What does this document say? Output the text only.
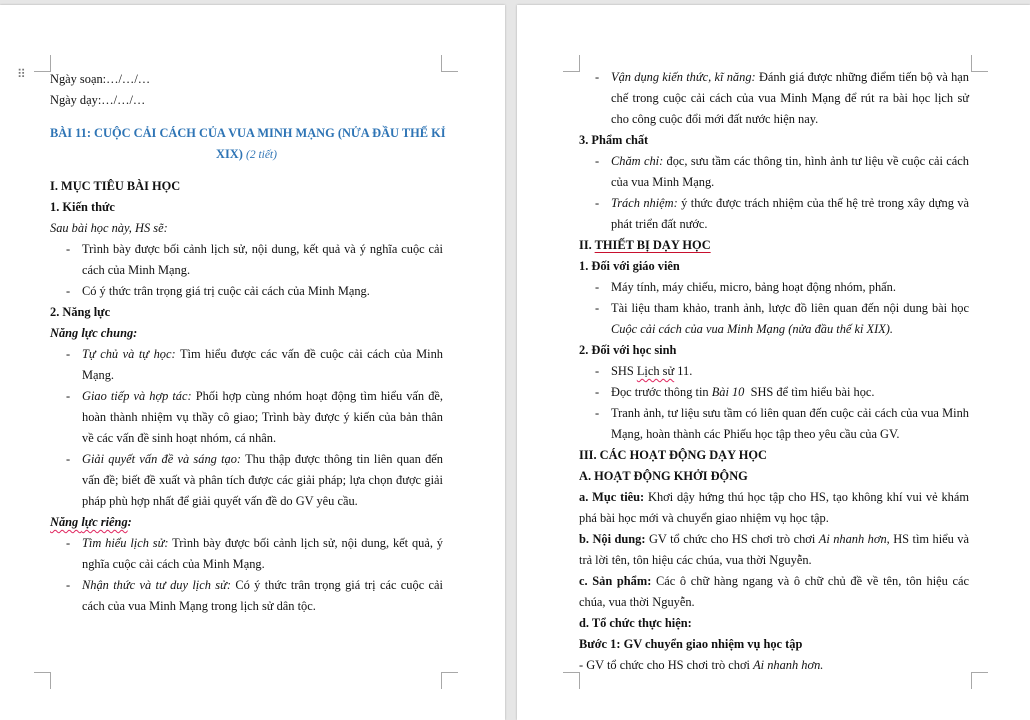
⠿ Ngày soạn:…/…/…

Ngày dạy:…/…/…

BÀI 11: CUỘC CẢI CÁCH CỦA VUA MINH MẠNG (NỬA ĐẦU THẾ KỈ

XIX) (2 tiết)

I. MỤC TIÊU BÀI HỌC

1. Kiến thức

Sau bài học này, HS sẽ:

- Trình bày được bối cảnh lịch sử, nội dung, kết quả và ý nghĩa cuộc cải cách của Minh Mạng.

- Có ý thức trân trọng giá trị cuộc cải cách của Minh Mạng.

2. Năng lực

Năng lực chung:

- Tự chủ và tự học: Tìm hiểu được các vấn đề cuộc cải cách của Minh Mạng.

- Giao tiếp và hợp tác: Phối hợp cùng nhóm hoạt động tìm hiểu vấn đề, hoàn thành nhiệm vụ thầy cô giao; Trình bày được ý kiến của bản thân về các vấn đề sinh hoạt nhóm, cá nhân.

- Giải quyết vấn đề và sáng tạo: Thu thập được thông tin liên quan đến vấn đề; biết đề xuất và phân tích được các giải pháp; lựa chọn được giải pháp phù hợp nhất để giải quyết vấn đề do GV yêu cầu.

Năng lực riêng:

- Tìm hiểu lịch sử: Trình bày được bối cảnh lịch sử, nội dung, kết quả, ý nghĩa cuộc cải cách của Minh Mạng.

- Nhận thức và tư duy lịch sử: Có ý thức trân trọng giá trị các cuộc cải cách của vua Minh Mạng trong lịch sử dân tộc.

- Vận dụng kiến thức, kĩ năng: Đánh giá được những điểm tiến bộ và hạn chế trong cuộc cải cách của vua Minh Mạng để rút ra bài học lịch sử cho công cuộc đổi mới đất nước hiện nay.

3. Phẩm chất

- Chăm chỉ: đọc, sưu tầm các thông tin, hình ảnh tư liệu về cuộc cải cách của vua Minh Mạng.

- Trách nhiệm: ý thức được trách nhiệm của thế hệ trẻ trong xây dựng và phát triển đất nước.

II. THIẾT BỊ DẠY HỌC

1. Đối với giáo viên

- Máy tính, máy chiếu, micro, bảng hoạt động nhóm, phấn.

- Tài liệu tham khảo, tranh ảnh, lược đồ liên quan đến nội dung bài học Cuộc cải cách của vua Minh Mạng (nửa đầu thế kỉ XIX).

2. Đối với học sinh

- SHS Lịch sử 11.

- Đọc trước thông tin Bài 10  SHS để tìm hiểu bài học.

- Tranh ảnh, tư liệu sưu tầm có liên quan đến cuộc cải cách của vua Minh Mạng, hoàn thành các Phiếu học tập theo yêu cầu của GV.

III. CÁC HOẠT ĐỘNG DẠY HỌC

A. HOẠT ĐỘNG KHỞI ĐỘNG

a. Mục tiêu: Khơi dậy hứng thú học tập cho HS, tạo không khí vui vẻ khám phá bài học mới và chuyển giao nhiệm vụ học tập.

b. Nội dung: GV tổ chức cho HS chơi trò chơi Ai nhanh hơn, HS tìm hiểu và trả lời tên, tôn hiệu các chúa, vua thời Nguyễn.

c. Sản phẩm: Các ô chữ hàng ngang và ô chữ chủ đề về tên, tôn hiệu các chúa, vua thời Nguyễn.

d. Tổ chức thực hiện:

Bước 1: GV chuyển giao nhiệm vụ học tập

- GV tổ chức cho HS chơi trò chơi Ai nhanh hơn.
